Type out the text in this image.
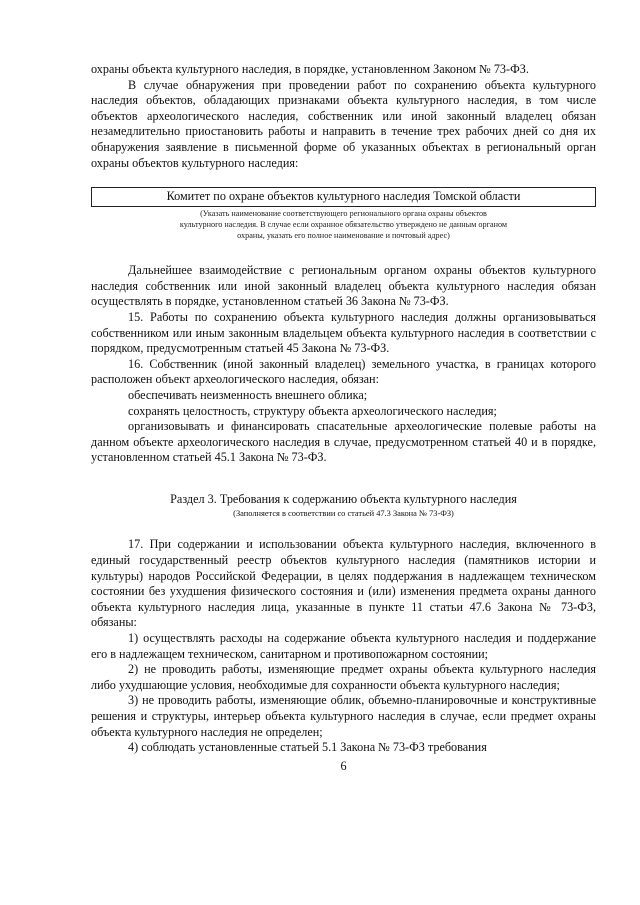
охраны объекта культурного наследия, в порядке, установленном Законом № 73-ФЗ.

В случае обнаружения при проведении работ по сохранению объекта культурного наследия объектов, обладающих признаками объекта культурного наследия, в том числе объектов археологического наследия, собственник или иной законный владелец обязан незамедлительно приостановить работы и направить в течение трех рабочих дней со дня их обнаружения заявление в письменной форме об указанных объектах в региональный орган охраны объектов культурного наследия:

Комитет по охране объектов культурного наследия Томской области
(Указать наименование соответствующего регионального органа охраны объектов культурного наследия. В случае если охранное обязательство утверждено не данным органом охраны, указать его полное наименование и почтовый адрес)

Дальнейшее взаимодействие с региональным органом охраны объектов культурного наследия собственник или иной законный владелец объекта культурного наследия обязан осуществлять в порядке, установленном статьей 36 Закона № 73-ФЗ.

15. Работы по сохранению объекта культурного наследия должны организовываться собственником или иным законным владельцем объекта культурного наследия в соответствии с порядком, предусмотренным статьей 45 Закона № 73-ФЗ.

16. Собственник (иной законный владелец) земельного участка, в границах которого расположен объект археологического наследия, обязан:

обеспечивать неизменность внешнего облика;

сохранять целостность, структуру объекта археологического наследия;

организовывать и финансировать спасательные археологические полевые работы на данном объекте археологического наследия в случае, предусмотренном статьей 40 и в порядке, установленном статьей 45.1 Закона № 73-ФЗ.

Раздел 3. Требования к содержанию объекта культурного наследия
(Заполняется в соответствии со статьей 47.3 Закона № 73-ФЗ)

17. При содержании и использовании объекта культурного наследия, включенного в единый государственный реестр объектов культурного наследия (памятников истории и культуры) народов Российской Федерации, в целях поддержания в надлежащем техническом состоянии без ухудшения физического состояния и (или) изменения предмета охраны данного объекта культурного наследия лица, указанные в пункте 11 статьи 47.6 Закона № 73-ФЗ, обязаны:

1) осуществлять расходы на содержание объекта культурного наследия и поддержание его в надлежащем техническом, санитарном и противопожарном состоянии;

2) не проводить работы, изменяющие предмет охраны объекта культурного наследия либо ухудшающие условия, необходимые для сохранности объекта культурного наследия;

3) не проводить работы, изменяющие облик, объемно-планировочные и конструктивные решения и структуры, интерьер объекта культурного наследия в случае, если предмет охраны объекта культурного наследия не определен;

4) соблюдать установленные статьей 5.1 Закона № 73-ФЗ требования

6
